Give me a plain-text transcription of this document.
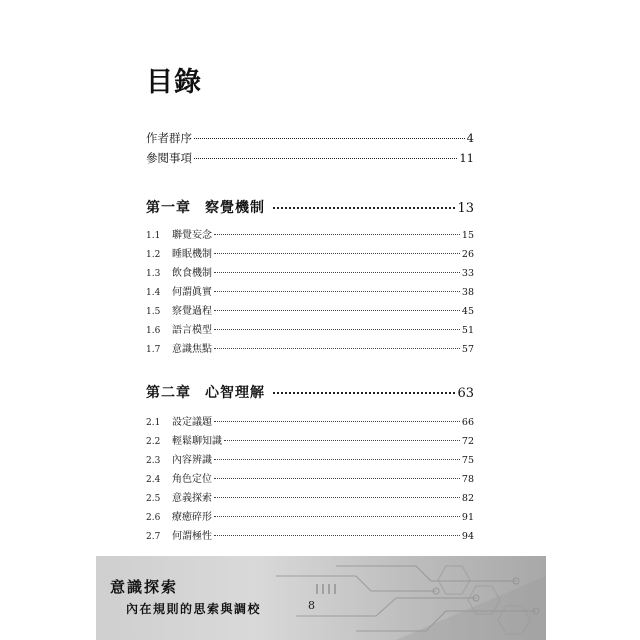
目錄
作者群序	4
參閱事項	11
第一章 察覺機制	13
1.1	聯覺妄念	15
1.2	睡眠機制	26
1.3	飲食機制	33
1.4	何謂眞實	38
1.5	察覺過程	45
1.6	語言模型	51
1.7	意識焦點	57
第二章 心智理解	63
2.1	設定議題	66
2.2	輕鬆聊知識	72
2.3	內容辨識	75
2.4	角色定位	78
2.5	意義探索	82
2.6	療癒碎形	91
2.7	何謂極性	94
意識探索
內在規則的思索與調校	8
